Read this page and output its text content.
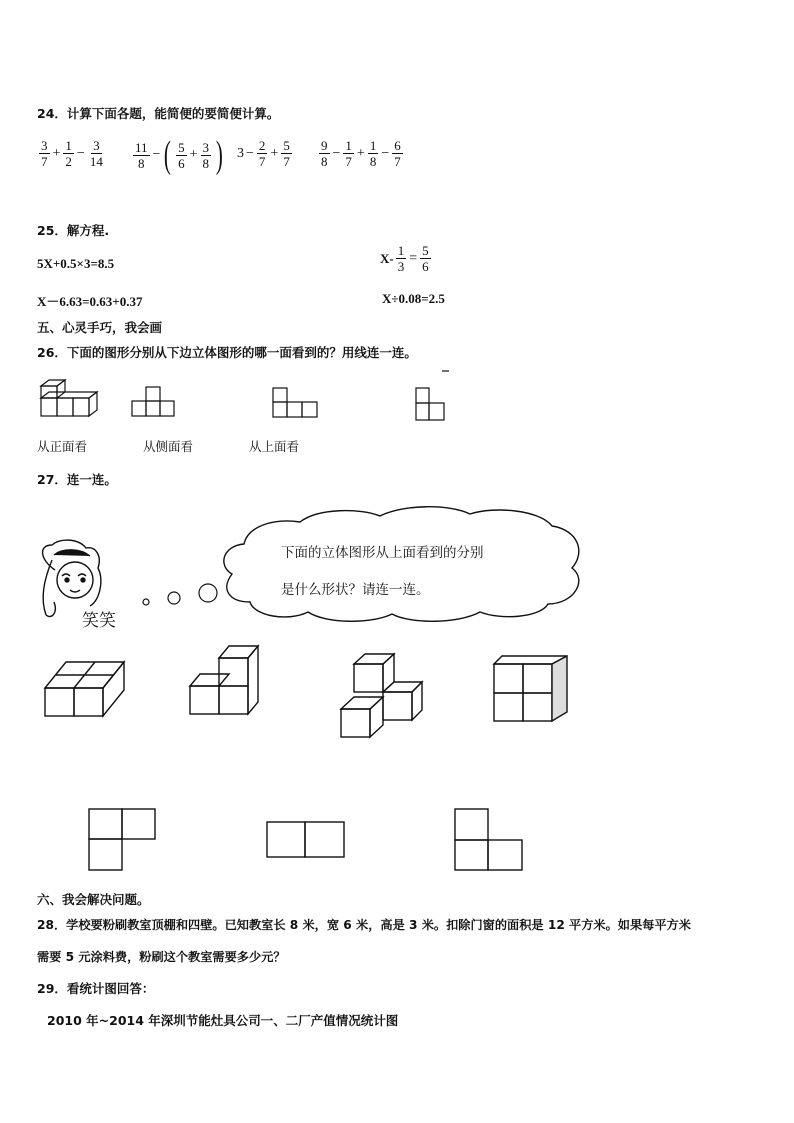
24．计算下面各题，能简便的要简便计算。
$\frac{3}{7} + \frac{1}{2} - \frac{3}{14} \frac{11}{8}$ − ( $\frac{5}{6} + \frac{3}{8}$ ) $3 - \frac{2}{7} + \frac{5}{7} \frac{9}{8} - \frac{1}{7} + \frac{1}{8} - \frac{6}{7}$
25．解方程.
5X+0.5×3=8.5	$X- \frac{1}{3} = \frac{5}{6}$
X－6.63=0.63+0.37	X÷0.08=2.5
五、心灵手巧，我会画
26．下面的图形分别从下边立体图形的哪一面看到的？用线连一连。
从正面看	从侧面看	从上面看
27．连一连。
下面的立体图形从上面看到的分别
是什么形状？请连一连。
笑笑
六、我会解决问题。
28．学校要粉刷教室顶棚和四壁。已知教室长 8 米，宽 6 米，高是 3 米。扣除门窗的面积是 12 平方米。如果每平方米
需要 5 元涂料费，粉刷这个教室需要多少元？
29．看统计图回答：
2010 年~2014 年深圳节能灶具公司一、二厂产值情况统计图
